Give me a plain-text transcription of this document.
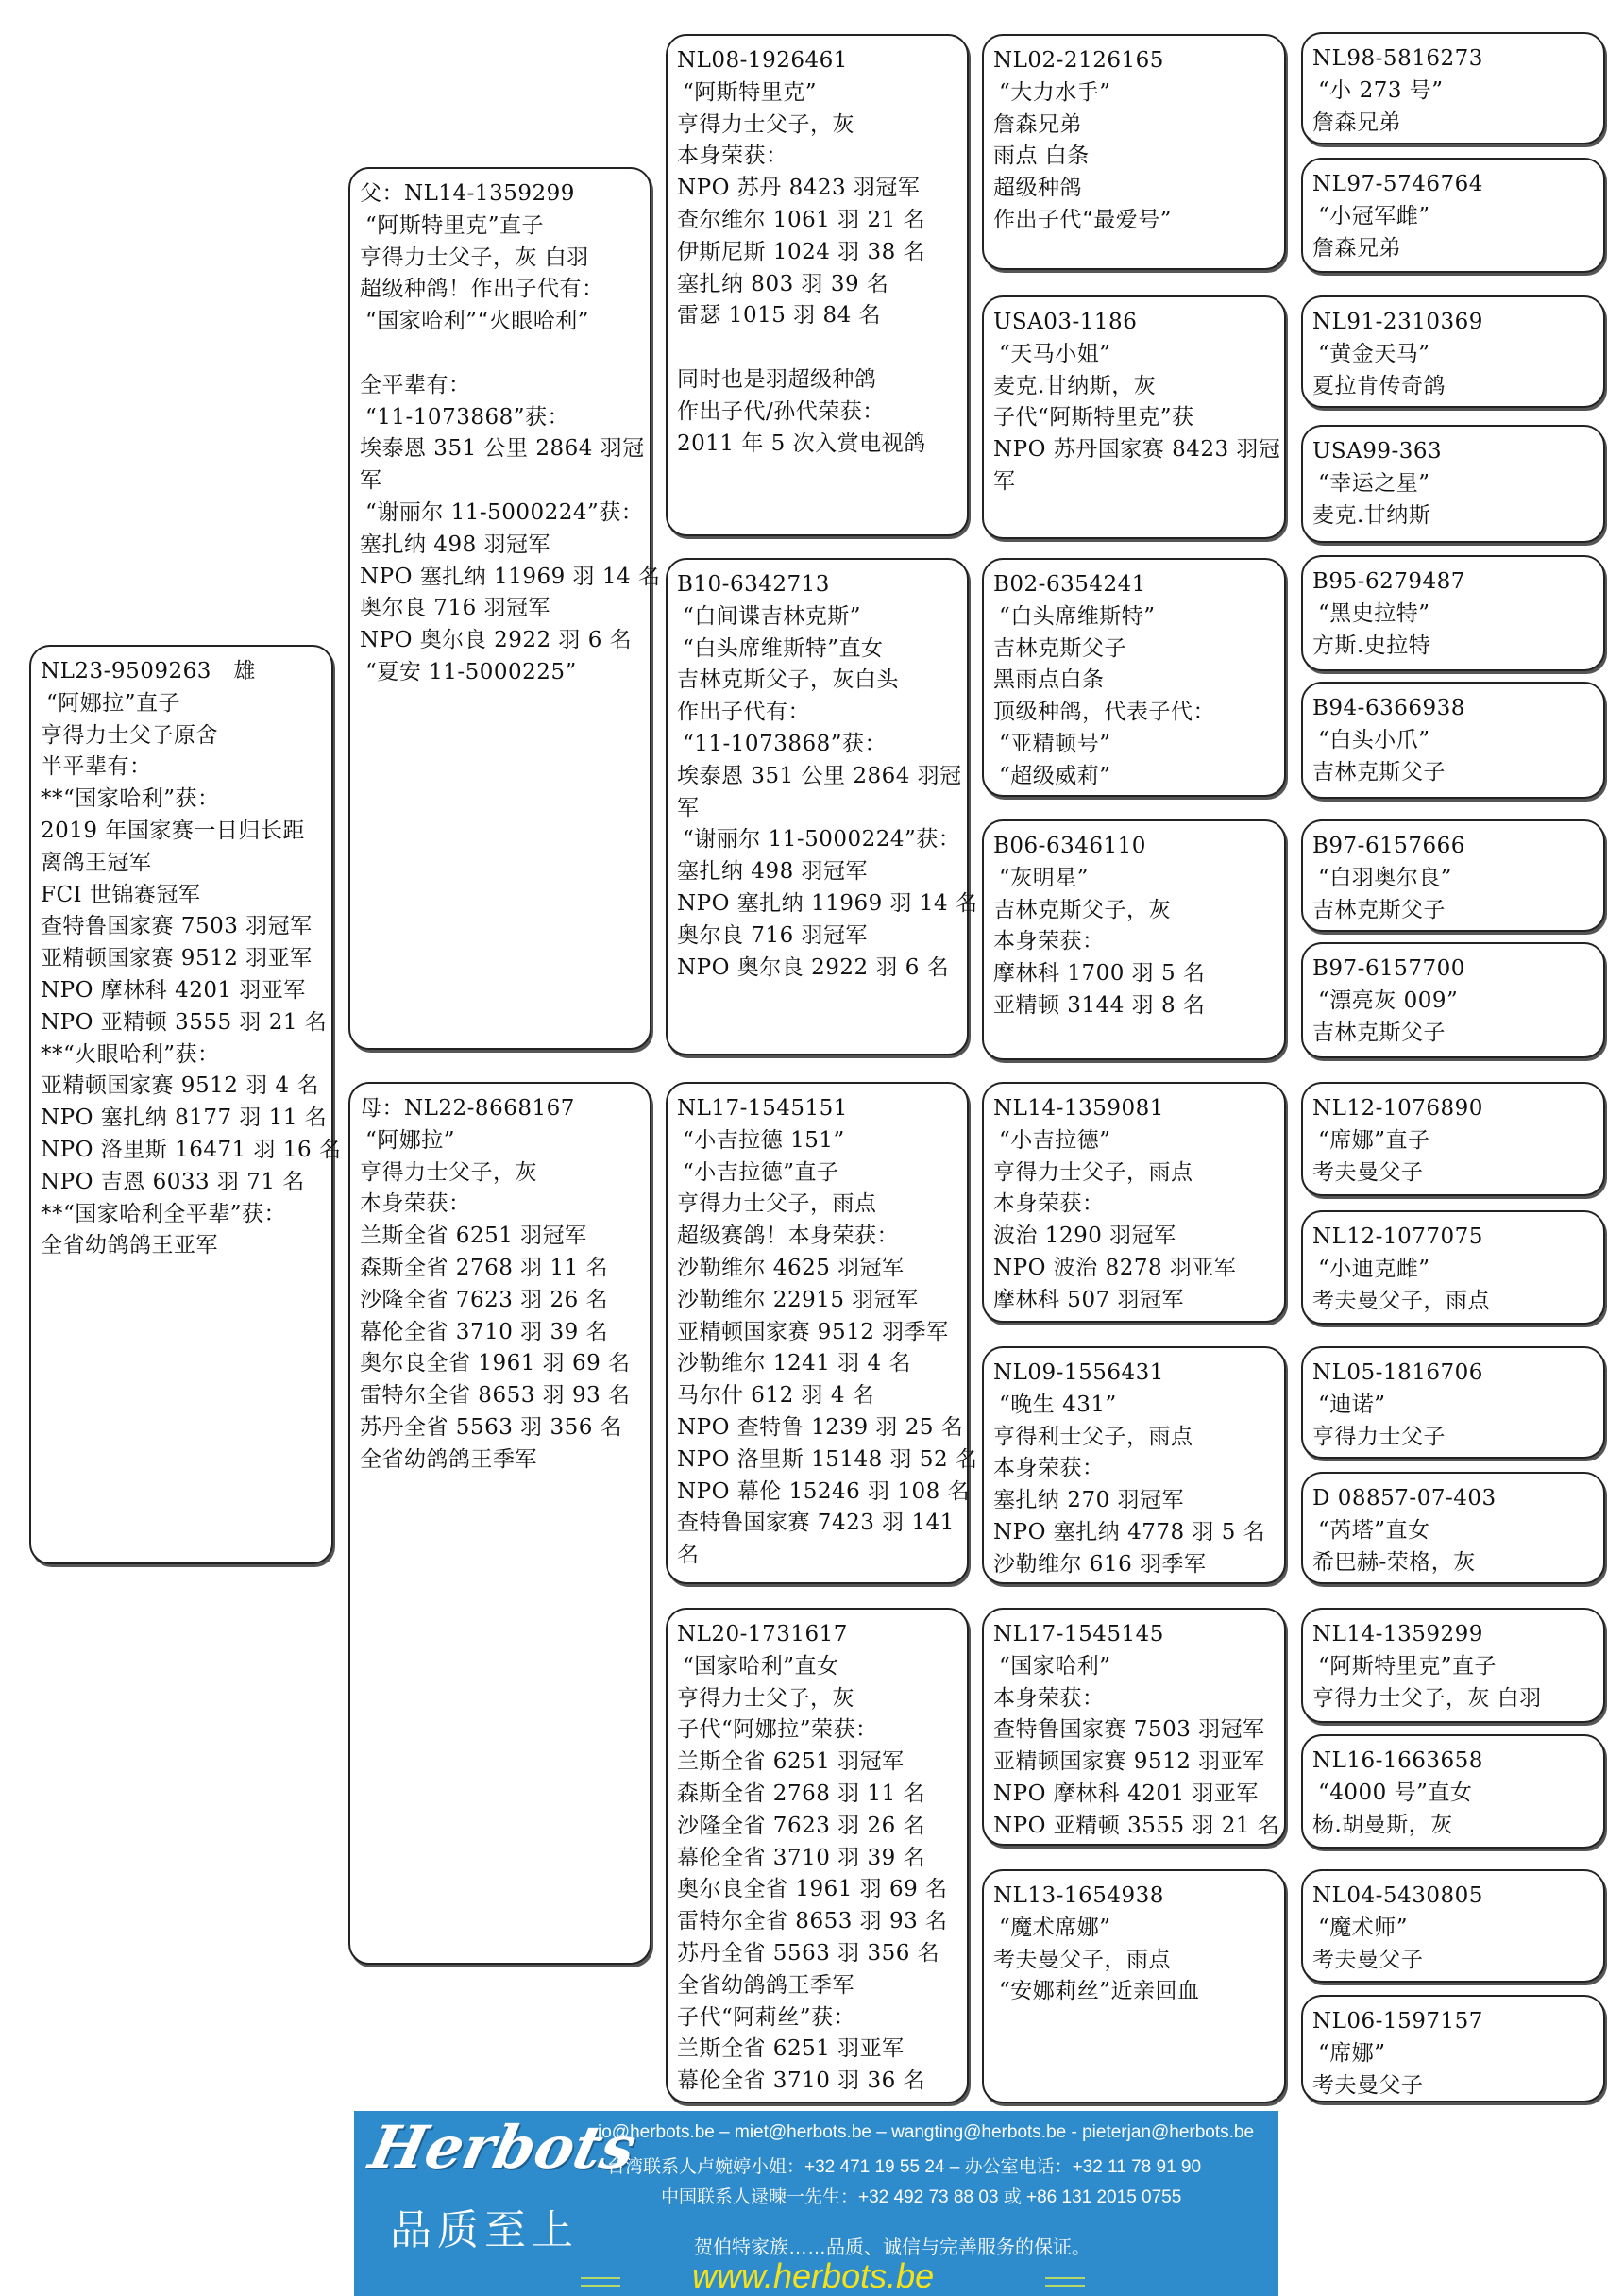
NL23-9509263　雄
“阿娜拉”直子
亨得力士父子原舍
半平辈有：
**“国家哈利”获：
2019 年国家赛一日归长距
离鸽王冠军
FCI 世锦赛冠军
查特鲁国家赛 7503 羽冠军
亚精顿国家赛 9512 羽亚军
NPO 摩林科 4201 羽亚军
NPO 亚精顿 3555 羽 21 名
**“火眼哈利”获：
亚精顿国家赛 9512 羽 4 名
NPO 塞扎纳 8177 羽 11 名
NPO 洛里斯 16471 羽 16 名
NPO 吉恩 6033 羽 71 名
**“国家哈利全平辈”获：
全省幼鸽鸽王亚军
父：NL14-1359299
“阿斯特里克”直子
亨得力士父子，灰 白羽
超级种鸽！作出子代有：
“国家哈利”“火眼哈利”

全平辈有：
“11-1073868”获：
埃泰恩 351 公里 2864 羽冠
军
“谢丽尔 11-5000224”获：
塞扎纳 498 羽冠军
NPO 塞扎纳 11969 羽 14 名
奥尔良 716 羽冠军
NPO 奥尔良 2922 羽 6 名
“夏安 11-5000225”
母：NL22-8668167
“阿娜拉”
亨得力士父子，灰
本身荣获：
兰斯全省 6251 羽冠军
森斯全省 2768 羽 11 名
沙隆全省 7623 羽 26 名
幕伦全省 3710 羽 39 名
奥尔良全省 1961 羽 69 名
雷特尔全省 8653 羽 93 名
苏丹全省 5563 羽 356 名
全省幼鸽鸽王季军
NL08-1926461
“阿斯特里克”
亨得力士父子，灰
本身荣获：
NPO 苏丹 8423 羽冠军
查尔维尔 1061 羽 21 名
伊斯尼斯 1024 羽 38 名
塞扎纳 803 羽 39 名
雷瑟 1015 羽 84 名

同时也是羽超级种鸽
作出子代/孙代荣获：
2011 年 5 次入赏电视鸽
B10-6342713
“白间谍吉林克斯”
“白头席维斯特”直女
吉林克斯父子，灰白头
作出子代有：
“11-1073868”获：
埃泰恩 351 公里 2864 羽冠
军
“谢丽尔 11-5000224”获：
塞扎纳 498 羽冠军
NPO 塞扎纳 11969 羽 14 名
奥尔良 716 羽冠军
NPO 奥尔良 2922 羽 6 名
NL17-1545151
“小吉拉德 151”
“小吉拉德”直子
亨得力士父子，雨点
超级赛鸽！本身荣获：
沙勒维尔 4625 羽冠军
沙勒维尔 22915 羽冠军
亚精顿国家赛 9512 羽季军
沙勒维尔 1241 羽 4 名
马尔什 612 羽 4 名
NPO 查特鲁 1239 羽 25 名
NPO 洛里斯 15148 羽 52 名
NPO 幕伦 15246 羽 108 名
查特鲁国家赛 7423 羽 141
名
NL20-1731617
“国家哈利”直女
亨得力士父子，灰
子代“阿娜拉”荣获：
兰斯全省 6251 羽冠军
森斯全省 2768 羽 11 名
沙隆全省 7623 羽 26 名
幕伦全省 3710 羽 39 名
奥尔良全省 1961 羽 69 名
雷特尔全省 8653 羽 93 名
苏丹全省 5563 羽 356 名
全省幼鸽鸽王季军
子代“阿莉丝”获：
兰斯全省 6251 羽亚军
幕伦全省 3710 羽 36 名
NL02-2126165
“大力水手”
詹森兄弟
雨点 白条
超级种鸽
作出子代“最爱号”
USA03-1186
“天马小姐”
麦克.甘纳斯，灰
子代“阿斯特里克”获
NPO 苏丹国家赛 8423 羽冠
军
B02-6354241
“白头席维斯特”
吉林克斯父子
黑雨点白条
顶级种鸽，代表子代：
“亚精顿号”
“超级威莉”
B06-6346110
“灰明星”
吉林克斯父子，灰
本身荣获：
摩林科 1700 羽 5 名
亚精顿 3144 羽 8 名
NL14-1359081
“小吉拉德”
亨得力士父子，雨点
本身荣获：
波治 1290 羽冠军
NPO 波治 8278 羽亚军
摩林科 507 羽冠军
NL09-1556431
“晚生 431”
亨得利士父子，雨点
本身荣获：
塞扎纳 270 羽冠军
NPO 塞扎纳 4778 羽 5 名
沙勒维尔 616 羽季军
NL17-1545145
“国家哈利”
本身荣获：
查特鲁国家赛 7503 羽冠军
亚精顿国家赛 9512 羽亚军
NPO 摩林科 4201 羽亚军
NPO 亚精顿 3555 羽 21 名
NL13-1654938
“魔术席娜”
考夫曼父子，雨点
“安娜莉丝”近亲回血
NL98-5816273
“小 273 号”
詹森兄弟
NL97-5746764
“小冠军雌”
詹森兄弟
NL91-2310369
“黄金天马”
夏拉肯传奇鸽
USA99-363
“幸运之星”
麦克.甘纳斯
B95-6279487
“黑史拉特”
方斯.史拉特
B94-6366938
“白头小爪”
吉林克斯父子
B97-6157666
“白羽奥尔良”
吉林克斯父子
B97-6157700
“漂亮灰 009”
吉林克斯父子
NL12-1076890
“席娜”直子
考夫曼父子
NL12-1077075
“小迪克雌”
考夫曼父子，雨点
NL05-1816706
“迪诺”
亨得力士父子
D 08857-07-403
“芮塔”直女
希巴赫-荣格，灰
NL14-1359299
“阿斯特里克”直子
亨得力士父子，灰 白羽
NL16-1663658
“4000 号”直女
杨.胡曼斯，灰
NL04-5430805
“魔术师”
考夫曼父子
NL06-1597157
“席娜”
考夫曼父子
Herbots
品质至上
jo@herbots.be – miet@herbots.be – wangting@herbots.be - pieterjan@herbots.be
台湾联系人卢婉婷小姐：+32 471 19 55 24 – 办公室电话：+32 11 78 91 90
中国联系人逯暕一先生：+32 492 73 88 03 或 +86 131 2015 0755
贺伯特家族……品质、诚信与完善服务的保证。
www.herbots.be
